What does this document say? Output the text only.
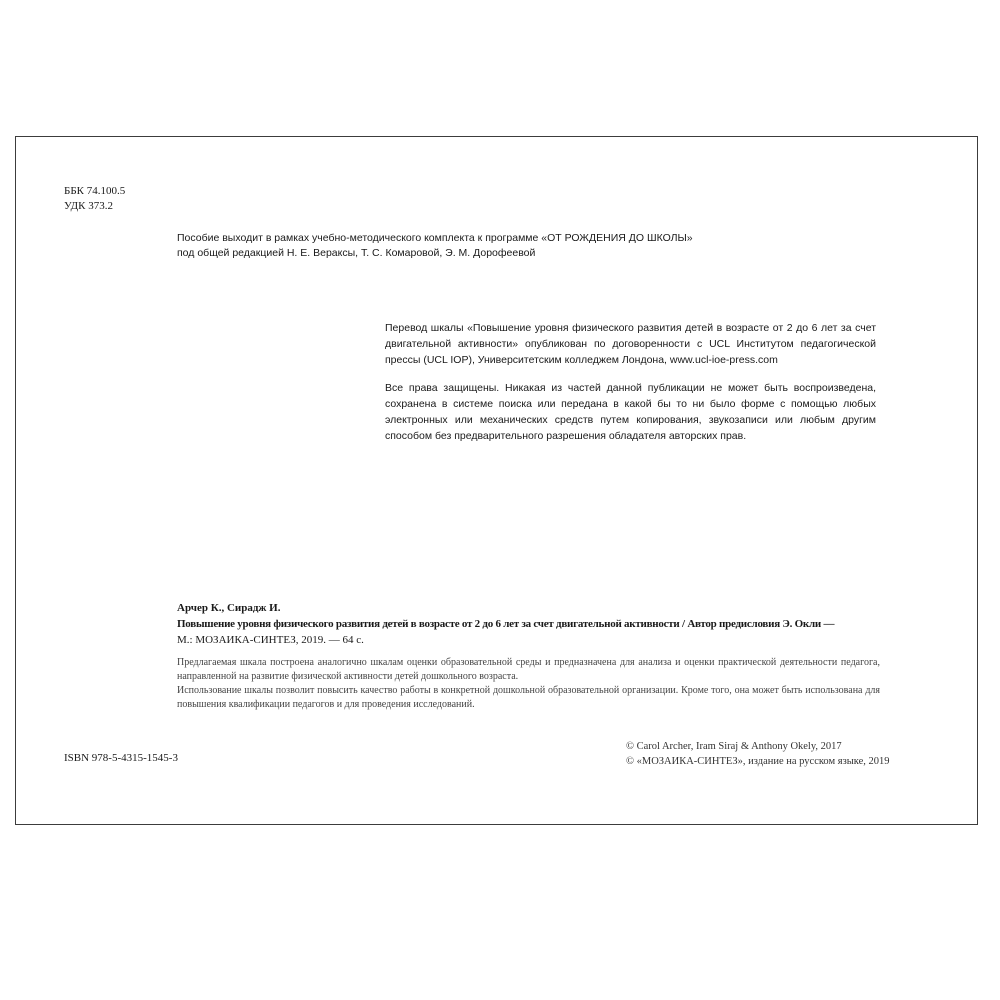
ББК 74.100.5
УДК 373.2
Пособие выходит в рамках учебно-методического комплекта к программе «ОТ РОЖДЕНИЯ ДО ШКОЛЫ»
под общей редакцией Н. Е. Вераксы, Т. С. Комаровой, Э. М. Дорофеевой

Перевод шкалы «Повышение уровня физического развития детей в возрасте от 2 до 6 лет за счет двигательной активности» опубликован по договоренности с UCL Институтом педагогической прессы (UCL IOP), Университетским колледжем Лондона, www.ucl-ioe-press.com

Все права защищены. Никакая из частей данной публикации не может быть воспроизведена, сохранена в системе поиска или передана в какой бы то ни было форме с помощью любых электронных или механических средств путем копирования, звукозаписи или любым другим способом без предварительного разрешения обладателя авторских прав.

Арчер К., Сирадж И.
Повышение уровня физического развития детей в возрасте от 2 до 6 лет за счет двигательной активности / Автор предисловия Э. Окли —
М.: МОЗАИКА-СИНТЕЗ, 2019. — 64 с.

Предлагаемая шкала построена аналогично шкалам оценки образовательной среды и предназначена для анализа и оценки практической деятельности педагога, направленной на развитие физической активности детей дошкольного возраста.

Использование шкалы позволит повысить качество работы в конкретной дошкольной образовательной организации. Кроме того, она может быть использована для повышения квалификации педагогов и для проведения исследований.

ISBN 978-5-4315-1545-3
© Carol Archer, Iram Siraj & Anthony Okely, 2017
© «МОЗАИКА-СИНТЕЗ», издание на русском языке, 2019
